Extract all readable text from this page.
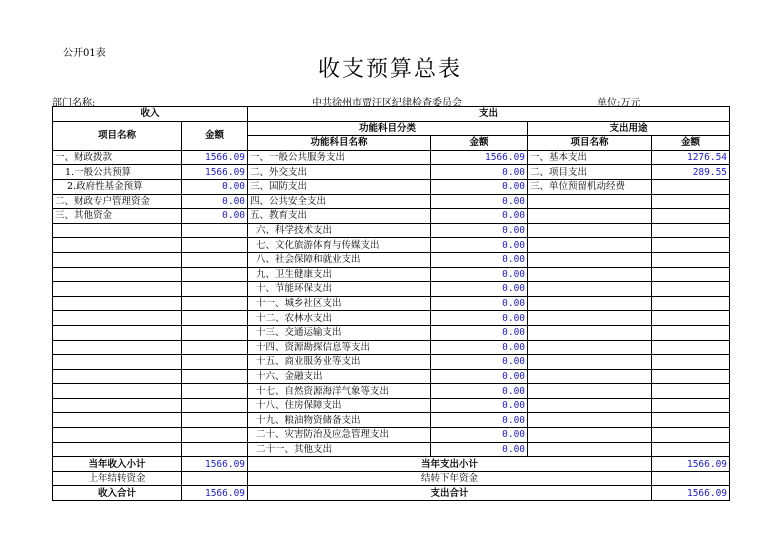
公开01表
收支预算总表
部门名称:	中共徐州市贾汪区纪律检查委员会	单位:万元
收入		支出			
项目名称	金额	功能科目分类		支出用途	
		功能科目名称	金额	项目名称	金额
一、财政拨款	1566.09	一、一般公共服务支出	1566.09	一、基本支出	1276.54
1.一般公共预算	1566.09	二、外交支出	0.00	二、项目支出	289.55
2.政府性基金预算	0.00	三、国防支出	0.00	三、单位预留机动经费	
二、财政专户管理资金	0.00	四、公共安全支出	0.00		
三、其他资金	0.00	五、教育支出	0.00		
		六、科学技术支出	0.00		
		七、文化旅游体育与传媒支出	0.00		
		八、社会保障和就业支出	0.00		
		九、卫生健康支出	0.00		
		十、节能环保支出	0.00		
		十一、城乡社区支出	0.00		
		十二、农林水支出	0.00		
		十三、交通运输支出	0.00		
		十四、资源勘探信息等支出	0.00		
		十五、商业服务业等支出	0.00		
		十六、金融支出	0.00		
		十七、自然资源海洋气象等支出	0.00		
		十八、住房保障支出	0.00		
		十九、粮油物资储备支出	0.00		
		二十、灾害防治及应急管理支出	0.00		
		二十一、其他支出	0.00		
当年收入小计	1566.09	当年支出小计			1566.09
上年结转资金		结转下年资金			
收入合计	1566.09	支出合计			1566.09
